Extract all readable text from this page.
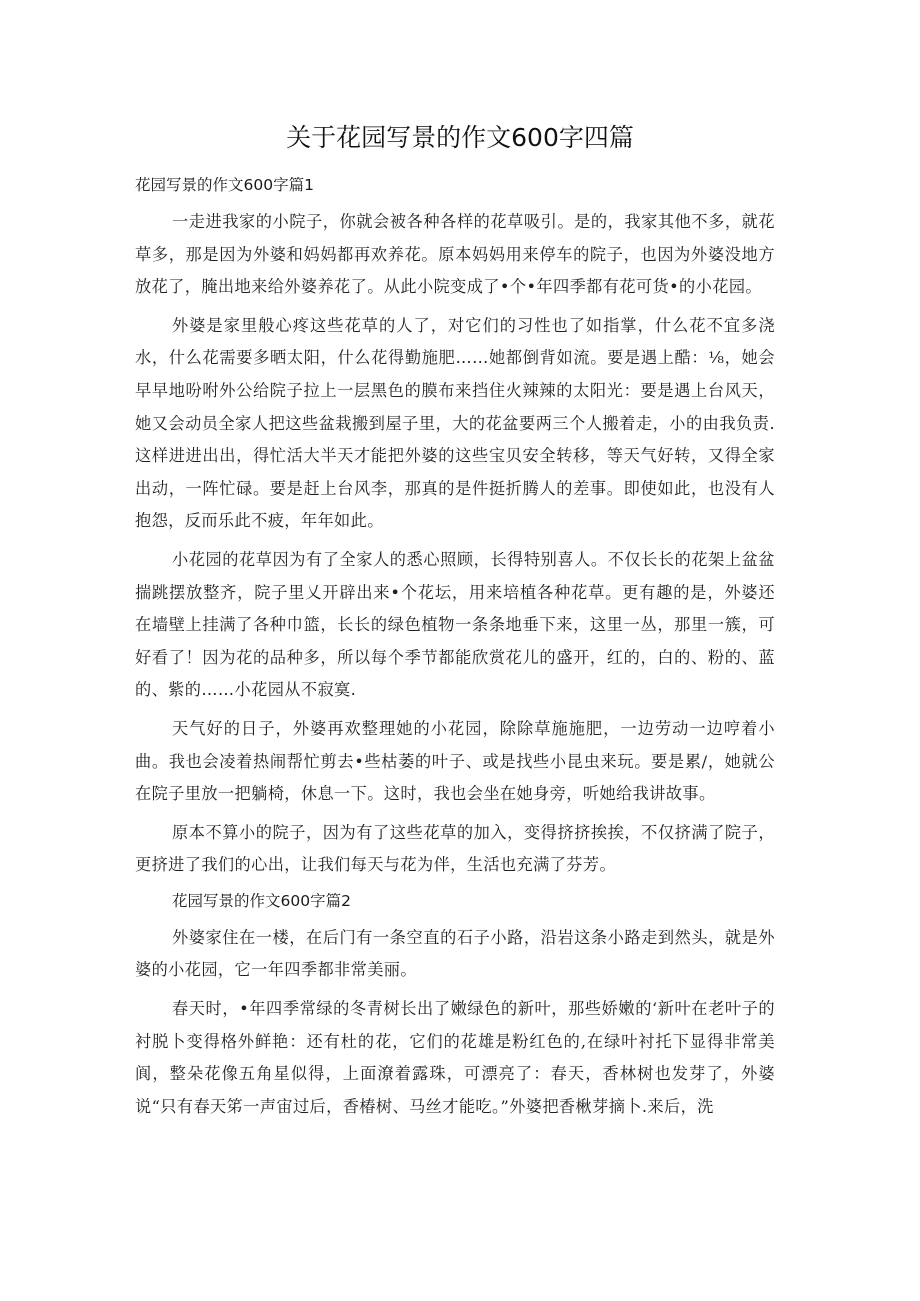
关于花园写景的作文600字四篇
花园写景的作文600字篇1

一走进我家的小院子，你就会被各种各样的花草吸引。是的，我家其他不多，就花草多，那是因为外婆和妈妈都再欢养花。原本妈妈用来停车的院子，也因为外婆没地方放花了，腌出地来给外婆养花了。从此小院变成了•个•年四季都有花可货•的小花园。

外婆是家里般心疼这些花草的人了，对它们的习性也了如指掌，什么花不宜多浇水，什么花需要多晒太阳，什么花得勤施肥……她都倒背如流。要是遇上酷：⅛，她会早早地吩咐外公给院子拉上一层黑色的膜布来挡住火辣辣的太阳光：要是遇上台风天，她又会动员全家人把这些盆栽搬到屋子里，大的花盆要两三个人搬着走，小的由我负责.这样进进出出，得忙活大半天才能把外婆的这些宝贝安全转移，等天气好转，又得全家出动，一阵忙碌。要是赶上台风李，那真的是件挺折腾人的差事。即使如此，也没有人抱怨，反而乐此不疲，年年如此。

小花园的花草因为有了全家人的悉心照顾，长得特别喜人。不仅长长的花架上盆盆揣跳摆放整齐，院子里乂开辟出来•个花坛，用来培植各种花草。更有趣的是，外婆还在墙壁上挂满了各种巾篮，长长的绿色植物一条条地垂下来，这里一丛，那里一簇，可好看了！因为花的品种多，所以每个季节都能欣赏花儿的盛开，红的，白的、粉的、蓝的、紫的……小花园从不寂寞.

天气好的日子，外婆再欢整理她的小花园，除除草施施肥，一边劳动一边哼着小曲。我也会凌着热闹帮忙剪去•些枯萎的叶子、或是找些小昆虫来玩。要是累/，她就公在院子里放一把躺椅，休息一下。这时，我也会坐在她身旁，听她给我讲故事。

原本不算小的院子，因为有了这些花草的加入，变得挤挤挨挨，不仅挤满了院子，更挤进了我们的心出，让我们每天与花为伴，生活也充满了芬芳。

花园写景的作文600字篇2

外婆家住在一楼，在后门有一条空直的石子小路，沿岩这条小路走到然头，就是外婆的小花园，它一年四季都非常美丽。

春天时，•年四季常绿的冬青树长出了嫩绿色的新叶，那些娇嫩的‘新叶在老叶子的衬脱卜变得格外鲜艳：还有杜的花，它们的花雄是粉红色的,在绿叶衬托下显得非常美阆，整朵花像五角星似得，上面潦着露珠，可漂亮了：春天，香林树也发芽了，外婆说“只有春天笫一声宙过后，香椿树、马丝才能吃。”外婆把香楸芽摘卜.来后，洗
